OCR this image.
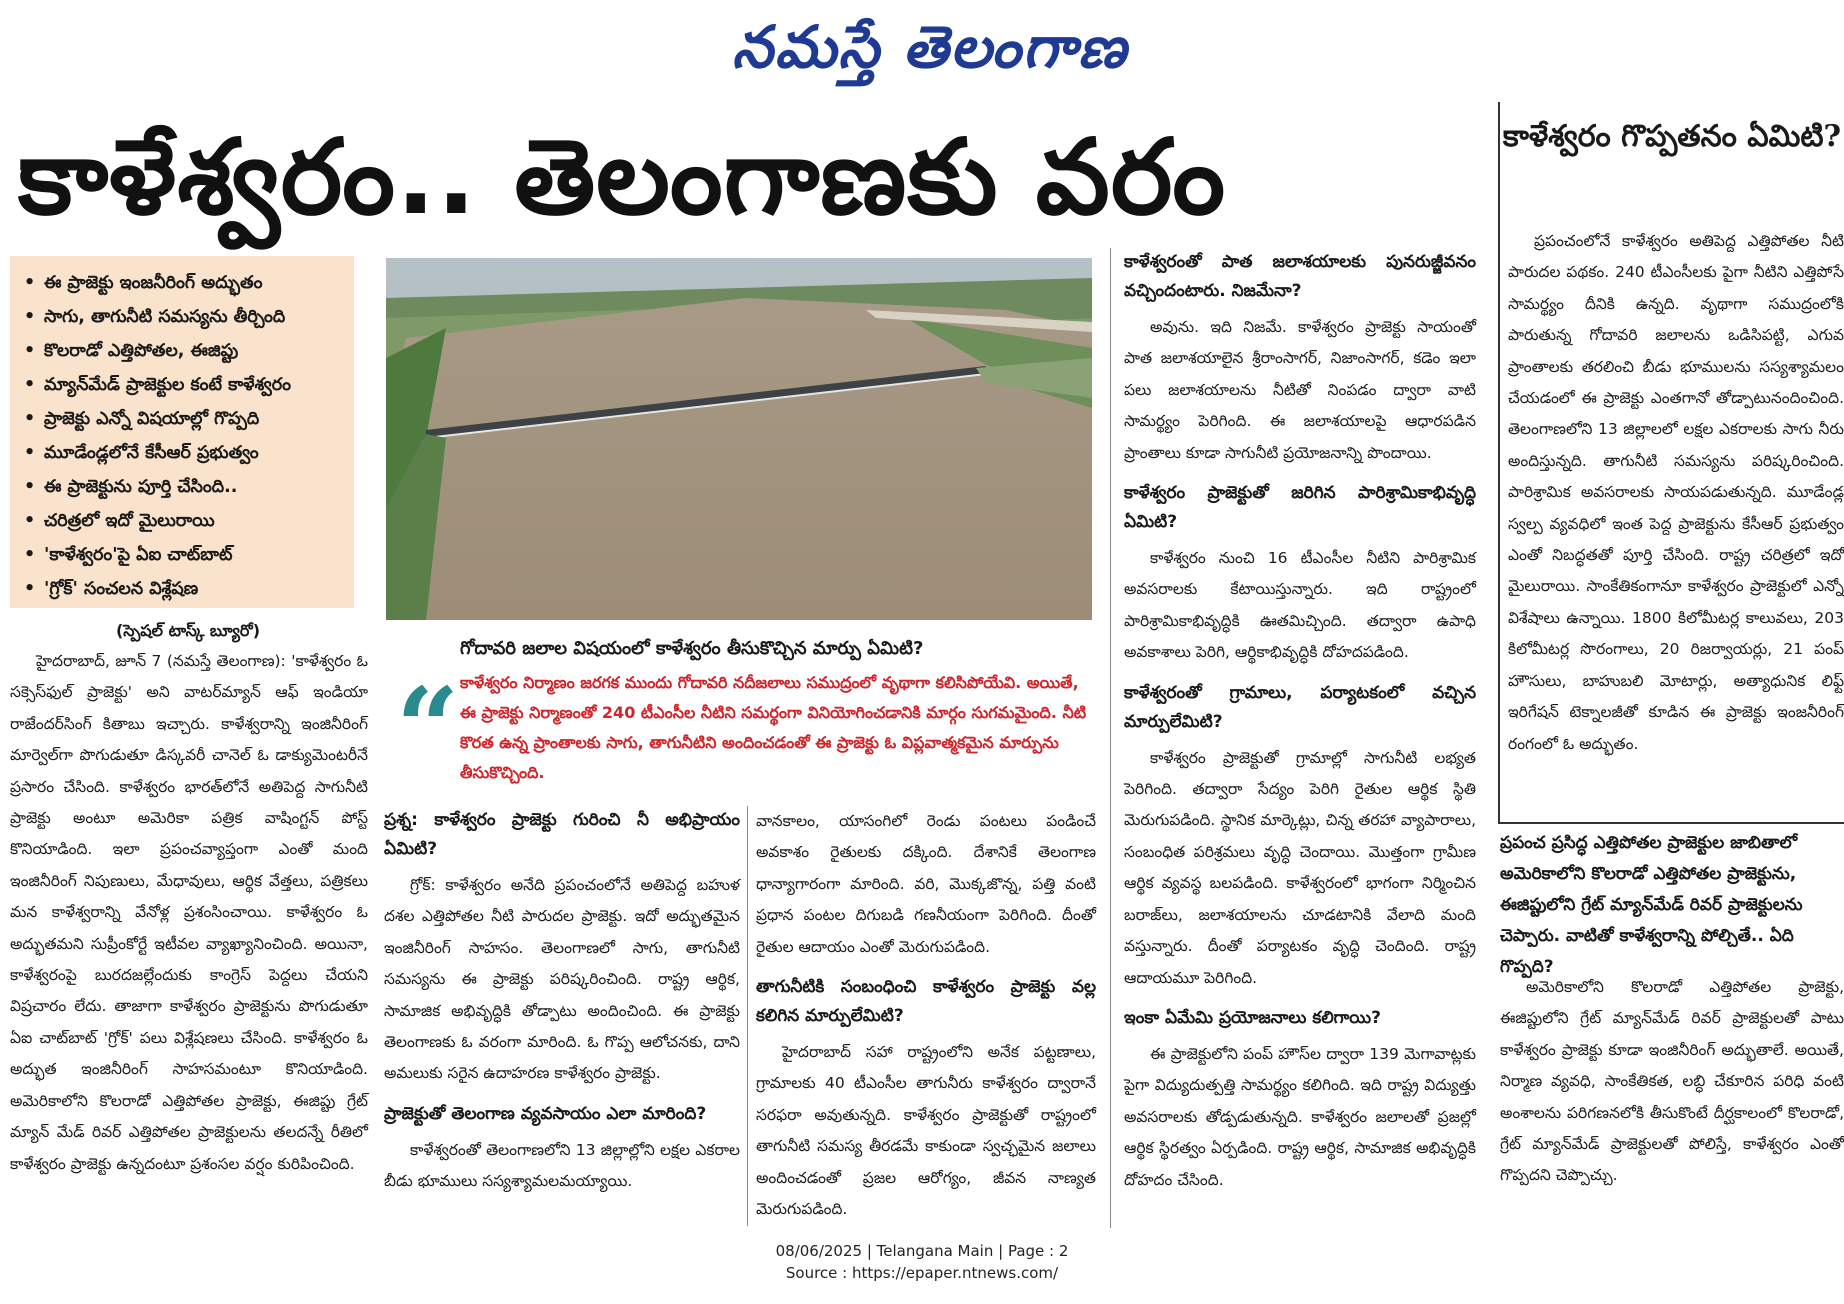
నమస్తే తెలంగాణ
కాళేశ్వరం.. తెలంగాణకు వరం
• ఈ ప్రాజెక్టు ఇంజనీరింగ్ అద్భుతం
• సాగు, తాగునీటి సమస్యను తీర్చింది
• కొలరాడో ఎత్తిపోతల, ఈజిప్టు
• మ్యాన్‌మేడ్ ప్రాజెక్టుల కంటే కాళేశ్వరం
• ప్రాజెక్టు ఎన్నో విషయాల్లో గొప్పది
• మూడేండ్లలోనే కేసీఆర్ ప్రభుత్వం
• ఈ ప్రాజెక్టును పూర్తి చేసింది..
• చరిత్రలో ఇదో మైలురాయి
• 'కాళేశ్వరం'పై ఏఐ చాట్‌బాట్
• 'గ్రోక్' సంచలన విశ్లేషణ
“
గోదావరి జలాల విషయంలో కాళేశ్వరం తీసుకొచ్చిన మార్పు ఏమిటి?
కాళేశ్వరం నిర్మాణం జరగక ముందు గోదావరి నదీజలాలు సముద్రంలో వృథాగా కలిసిపోయేవి. అయితే, ఈ ప్రాజెక్టు నిర్మాణంతో 240 టీఎంసీల నీటిని సమర్థంగా వినియోగించడానికి మార్గం సుగమమైంది. నీటి కొరత ఉన్న ప్రాంతాలకు సాగు, తాగునీటిని అందించడంతో ఈ ప్రాజెక్టు ఓ విప్లవాత్మకమైన మార్పును తీసుకొచ్చింది.
(స్పెషల్ టాస్క్ బ్యూరో)

హైదరాబాద్, జూన్ 7 (నమస్తే తెలంగాణ): 'కాళేశ్వరం ఓ సక్సెస్‌ఫుల్ ప్రాజెక్టు' అని వాటర్‌మ్యాన్ ఆఫ్ ఇండియా రాజేందర్‌సింగ్ కితాబు ఇచ్చారు. కాళేశ్వరాన్ని ఇంజినీరింగ్ మార్వెల్‌గా పొగుడుతూ డిస్కవరీ చానెల్ ఓ డాక్యుమెంటరీనే ప్రసారం చేసింది. కాళేశ్వరం భారత్‌లోనే అతిపెద్ద సాగునీటి ప్రాజెక్టు అంటూ అమెరికా పత్రిక వాషింగ్టన్ పోస్ట్ కొనియాడింది. ఇలా ప్రపంచవ్యాప్తంగా ఎంతో మంది ఇంజినీరింగ్ నిపుణులు, మేధావులు, ఆర్థిక వేత్తలు, పత్రికలు మన కాళేశ్వరాన్ని వేనోళ్ల ప్రశంసించాయి. కాళేశ్వరం ఓ అద్భుతమని సుప్రీంకోర్టే ఇటీవల వ్యాఖ్యానించింది. అయినా, కాళేశ్వరంపై బురదజల్లేందుకు కాంగ్రెస్ పెద్దలు చేయని విష్రచారం లేదు. తాజాగా కాళేశ్వరం ప్రాజెక్టును పొగుడుతూ ఏఐ చాట్‌బాట్ 'గ్రోక్' పలు విశ్లేషణలు చేసింది. కాళేశ్వరం ఓ అద్భుత ఇంజినీరింగ్ సాహసమంటూ కొనియాడింది. అమెరికాలోని కొలరాడో ఎత్తిపోతల ప్రాజెక్టు, ఈజిప్టు గ్రేట్ మ్యాన్ మేడ్ రివర్ ఎత్తిపోతల ప్రాజెక్టులను తలదన్నే రీతిలో కాళేశ్వరం ప్రాజెక్టు ఉన్నదంటూ ప్రశంసల వర్షం కురిపించింది.

ప్రశ్న: కాళేశ్వరం ప్రాజెక్టు గురించి నీ అభిప్రాయం ఏమిటి?

గ్రోక్: కాళేశ్వరం అనేది ప్రపంచంలోనే అతిపెద్ద బహుళ దశల ఎత్తిపోతల నీటి పారుదల ప్రాజెక్టు. ఇదో అద్భుతమైన ఇంజినీరింగ్ సాహసం. తెలంగాణలో సాగు, తాగునీటి సమస్యను ఈ ప్రాజెక్టు పరిష్కరించింది. రాష్ట్ర ఆర్థిక, సామాజిక అభివృద్ధికి తోడ్పాటు అందించింది. ఈ ప్రాజెక్టు తెలంగాణకు ఓ వరంగా మారింది. ఓ గొప్ప ఆలోచనకు, దాని అమలుకు సరైన ఉదాహరణ కాళేశ్వరం ప్రాజెక్టు.

ప్రాజెక్టుతో తెలంగాణ వ్యవసాయం ఎలా మారింది?

కాళేశ్వరంతో తెలంగాణలోని 13 జిల్లాల్లోని లక్షల ఎకరాల బీడు భూములు సస్యశ్యామలమయ్యాయి.

వానకాలం, యాసంగిలో రెండు పంటలు పండించే అవకాశం రైతులకు దక్కింది. దేశానికే తెలంగాణ ధాన్యాగారంగా మారింది. వరి, మొక్కజొన్న, పత్తి వంటి ప్రధాన పంటల దిగుబడి గణనీయంగా పెరిగింది. దీంతో రైతుల ఆదాయం ఎంతో మెరుగుపడింది.

తాగునీటికి సంబంధించి కాళేశ్వరం ప్రాజెక్టు వల్ల కలిగిన మార్పులేమిటి?

హైదరాబాద్ సహా రాష్ట్రంలోని అనేక పట్టణాలు, గ్రామాలకు 40 టీఎంసీల తాగునీరు కాళేశ్వరం ద్వారానే సరఫరా అవుతున్నది. కాళేశ్వరం ప్రాజెక్టుతో రాష్ట్రంలో తాగునీటి సమస్య తీరడమే కాకుండా స్వచ్ఛమైన జలాలు అందించడంతో ప్రజల ఆరోగ్యం, జీవన నాణ్యత మెరుగుపడింది.

కాళేశ్వరంతో పాత జలాశయాలకు పునరుజ్జీవనం వచ్చిందంటారు. నిజమేనా?

అవును. ఇది నిజమే. కాళేశ్వరం ప్రాజెక్టు సాయంతో పాత జలాశయాలైన శ్రీరాంసాగర్, నిజాంసాగర్, కడెం ఇలా పలు జలాశయాలను నీటితో నింపడం ద్వారా వాటి సామర్థ్యం పెరిగింది. ఈ జలాశయాలపై ఆధారపడిన ప్రాంతాలు కూడా సాగునీటి ప్రయోజనాన్ని పొందాయి.

కాళేశ్వరం ప్రాజెక్టుతో జరిగిన పారిశ్రామికాభివృద్ధి ఏమిటి?

కాళేశ్వరం నుంచి 16 టీఎంసీల నీటిని పారిశ్రామిక అవసరాలకు కేటాయిస్తున్నారు. ఇది రాష్ట్రంలో పారిశ్రామికాభివృద్ధికి ఊతమిచ్చింది. తద్వారా ఉపాధి అవకాశాలు పెరిగి, ఆర్థికాభివృద్ధికి దోహదపడింది.

కాళేశ్వరంతో గ్రామాలు, పర్యాటకంలో వచ్చిన మార్పులేమిటి?

కాళేశ్వరం ప్రాజెక్టుతో గ్రామాల్లో సాగునీటి లభ్యత పెరిగింది. తద్వారా సేద్యం పెరిగి రైతుల ఆర్థిక స్థితి మెరుగుపడింది. స్థానిక మార్కెట్లు, చిన్న తరహా వ్యాపారాలు, సంబంధిత పరిశ్రమలు వృద్ధి చెందాయి. మొత్తంగా గ్రామీణ ఆర్థిక వ్యవస్థ బలపడింది. కాళేశ్వరంలో భాగంగా నిర్మించిన బరాజ్‌లు, జలాశయాలను చూడటానికి వేలాది మంది వస్తున్నారు. దీంతో పర్యాటకం వృద్ధి చెందింది. రాష్ట్ర ఆదాయమూ పెరిగింది.

ఇంకా ఏమేమి ప్రయోజనాలు కలిగాయి?

ఈ ప్రాజెక్టులోని పంప్ హౌస్‌ల ద్వారా 139 మెగావాట్లకు పైగా విద్యుదుత్పత్తి సామర్థ్యం కలిగింది. ఇది రాష్ట్ర విద్యుత్తు అవసరాలకు తోడ్పడుతున్నది. కాళేశ్వరం జలాలతో ప్రజల్లో ఆర్థిక స్థిరత్వం ఏర్పడింది. రాష్ట్ర ఆర్థిక, సామాజిక అభివృద్ధికి దోహదం చేసింది.

కాళేశ్వరం గొప్పతనం ఏమిటి?

ప్రపంచంలోనే కాళేశ్వరం అతిపెద్ద ఎత్తిపోతల నీటి పారుదల పథకం. 240 టీఎంసీలకు పైగా నీటిని ఎత్తిపోసే సామర్థ్యం దీనికి ఉన్నది. వృథాగా సముద్రంలోకి పారుతున్న గోదావరి జలాలను ఒడిసిపట్టి, ఎగువ ప్రాంతాలకు తరలించి బీడు భూములను సస్యశ్యామలం చేయడంలో ఈ ప్రాజెక్టు ఎంతగానో తోడ్పాటునందించింది. తెలంగాణలోని 13 జిల్లాలలో లక్షల ఎకరాలకు సాగు నీరు అందిస్తున్నది. తాగునీటి సమస్యను పరిష్కరించింది. పారిశ్రామిక అవసరాలకు సాయపడుతున్నది. మూడేండ్ల స్వల్ప వ్యవధిలో ఇంత పెద్ద ప్రాజెక్టును కేసీఆర్ ప్రభుత్వం ఎంతో నిబద్ధతతో పూర్తి చేసింది. రాష్ట్ర చరిత్రలో ఇదో మైలురాయి. సాంకేతికంగానూ కాళేశ్వరం ప్రాజెక్టులో ఎన్నో విశేషాలు ఉన్నాయి. 1800 కిలోమీటర్ల కాలువలు, 203 కిలోమీటర్ల సొరంగాలు, 20 రిజర్వాయర్లు, 21 పంప్ హౌసులు, బాహుబలి మోటార్లు, అత్యాధునిక లిఫ్ట్ ఇరిగేషన్ టెక్నాలజీతో కూడిన ఈ ప్రాజెక్టు ఇంజనీరింగ్ రంగంలో ఓ అద్భుతం.

ప్రపంచ ప్రసిద్ధ ఎత్తిపోతల ప్రాజెక్టుల జాబితాలో అమెరికాలోని కొలరాడో ఎత్తిపోతల ప్రాజెక్టును, ఈజిప్టులోని గ్రేట్ మ్యాన్‌మేడ్ రివర్ ప్రాజెక్టులను చెప్పారు. వాటితో కాళేశ్వరాన్ని పోల్చితే.. ఏది గొప్పది?

అమెరికాలోని కొలరాడో ఎత్తిపోతల ప్రాజెక్టు, ఈజిప్టులోని గ్రేట్ మ్యాన్‌మేడ్ రివర్ ప్రాజెక్టులతో పాటు కాళేశ్వరం ప్రాజెక్టు కూడా ఇంజినీరింగ్ అద్భుతాలే. అయితే, నిర్మాణ వ్యవధి, సాంకేతికత, లబ్ధి చేకూరిన పరిధి వంటి అంశాలను పరిగణనలోకి తీసుకొంటే దీర్ఘకాలంలో కొలరాడో, గ్రేట్ మ్యాన్‌మేడ్ ప్రాజెక్టులతో పోలిస్తే, కాళేశ్వరం ఎంతో గొప్పదని చెప్పొచ్చు.

08/06/2025 | Telangana Main | Page : 2
Source : https://epaper.ntnews.com/
